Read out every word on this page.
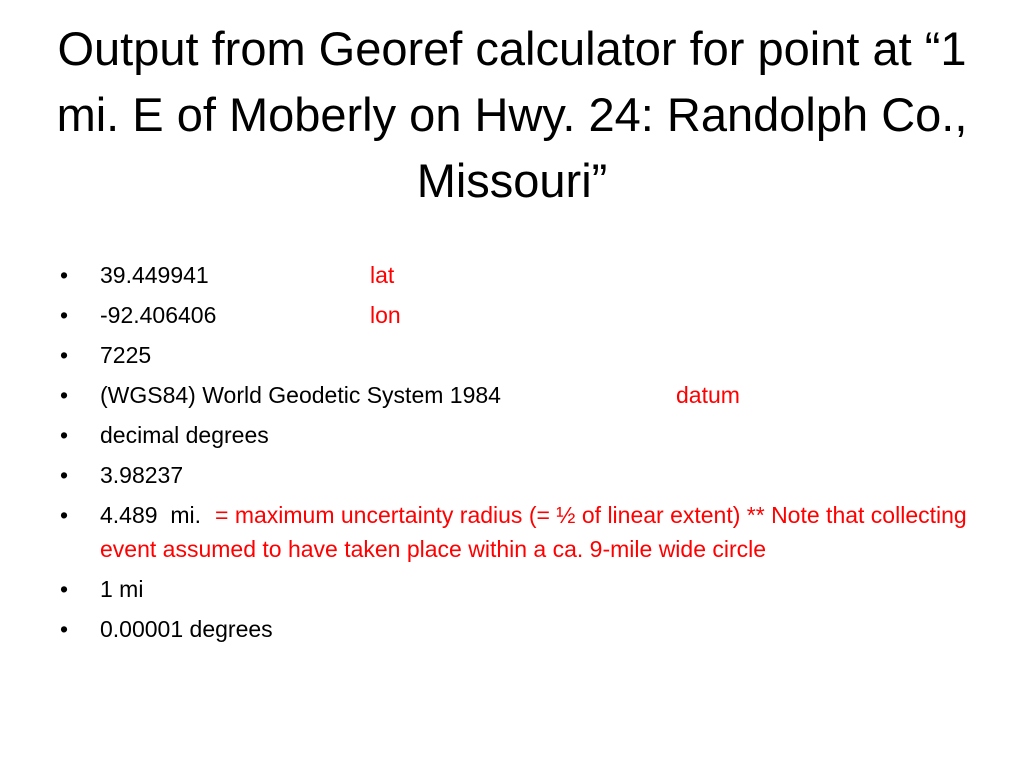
Output from Georef calculator for point at “1 mi. E of Moberly on Hwy. 24: Randolph Co., Missouri”
• 39.449941	lat
• -92.406406	lon
• 7225
• (WGS84) World Geodetic System 1984	datum
• decimal degrees
• 3.98237
• 4.489  mi. = maximum uncertainty radius (= ½ of linear extent) ** Note that collecting event assumed to have taken place within a ca. 9-mile wide circle
• 1 mi
• 0.00001 degrees
